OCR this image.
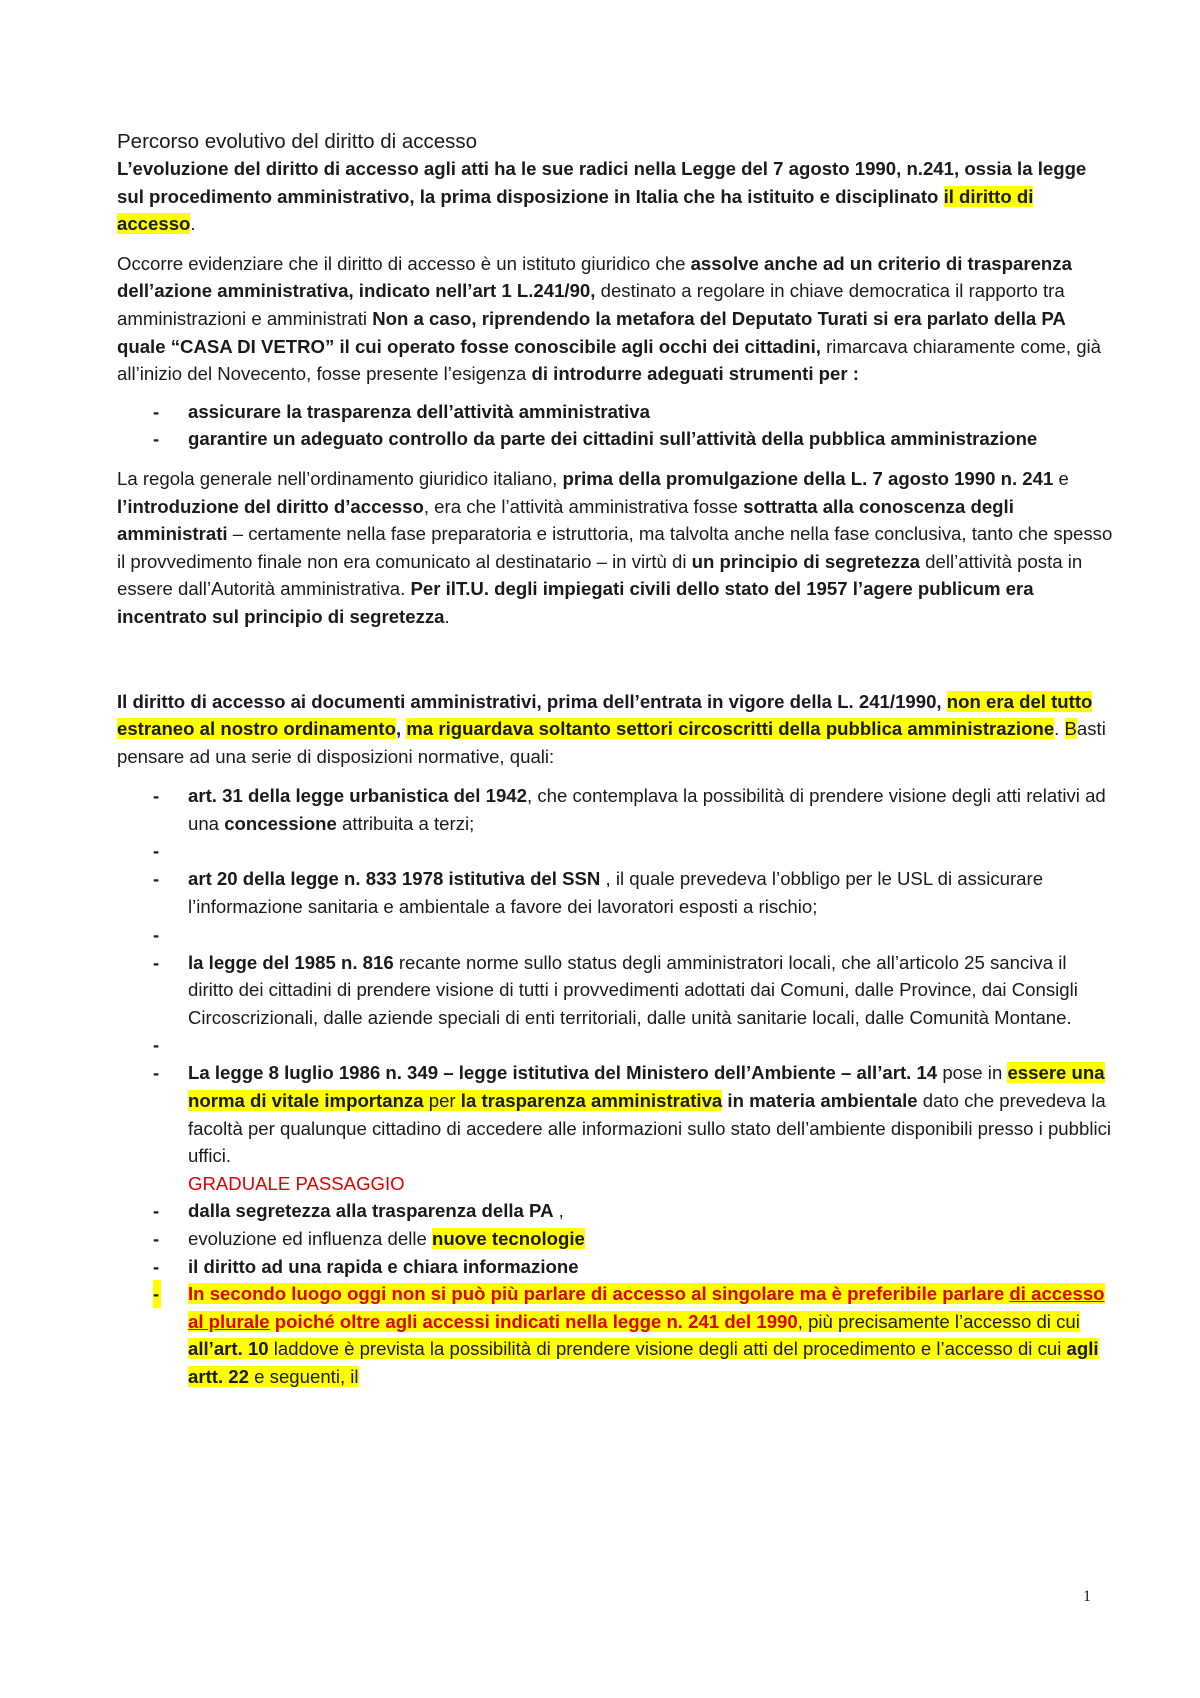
Percorso evolutivo del diritto di accesso

L’evoluzione del diritto di accesso agli atti ha le sue radici nella Legge del 7 agosto 1990, n.241, ossia la legge sul procedimento amministrativo, la prima disposizione in Italia che ha istituito e disciplinato il diritto di accesso.

Occorre evidenziare che il diritto di accesso è un istituto giuridico che assolve anche ad un criterio di trasparenza dell’azione amministrativa, indicato nell’art 1 L.241/90, destinato a regolare in chiave democratica il rapporto tra amministrazioni e amministrati Non a caso, riprendendo la metafora del Deputato Turati si era parlato della PA quale “CASA DI VETRO” il cui operato fosse conoscibile agli occhi dei cittadini, rimarcava chiaramente come, già all’inizio del Novecento, fosse presente l’esigenza di introdurre adeguati strumenti per :

- assicurare la trasparenza dell’attività amministrativa
- garantire un adeguato controllo da parte dei cittadini sull’attività della pubblica amministrazione

La regola generale nell’ordinamento giuridico italiano, prima della promulgazione della L. 7 agosto 1990 n. 241 e l’introduzione del diritto d’accesso, era che l’attività amministrativa fosse sottratta alla conoscenza degli amministrati – certamente nella fase preparatoria e istruttoria, ma talvolta anche nella fase conclusiva, tanto che spesso il provvedimento finale non era comunicato al destinatario – in virtù di un principio di segretezza dell’attività posta in essere dall’Autorità amministrativa. Per ilT.U. degli impiegati civili dello stato del 1957 l’agere publicum era incentrato sul principio di segretezza.

Il diritto di accesso ai documenti amministrativi, prima dell’entrata in vigore della L. 241/1990, non era del tutto estraneo al nostro ordinamento, ma riguardava soltanto settori circoscritti della pubblica amministrazione. Basti pensare ad una serie di disposizioni normative, quali:

- art. 31 della legge urbanistica del 1942, che contemplava la possibilità di prendere visione degli atti relativi ad una concessione attribuita a terzi;
-
- art 20 della legge n. 833 1978 istitutiva del SSN , il quale prevedeva l’obbligo per le USL di assicurare l’informazione sanitaria e ambientale a favore dei lavoratori esposti a rischio;
-
- la legge del 1985 n. 816 recante norme sullo status degli amministratori locali, che all’articolo 25 sanciva il diritto dei cittadini di prendere visione di tutti i provvedimenti adottati dai Comuni, dalle Province, dai Consigli Circoscrizionali, dalle aziende speciali di enti territoriali, dalle unità sanitarie locali, dalle Comunità Montane.
-
- La legge 8 luglio 1986 n. 349 – legge istitutiva del Ministero dell’Ambiente – all’art. 14 pose in essere una norma di vitale importanza per la trasparenza amministrativa in materia ambientale dato che prevedeva la facoltà per qualunque cittadino di accedere alle informazioni sullo stato dell’ambiente disponibili presso i pubblici uffici.
GRADUALE PASSAGGIO
- dalla segretezza alla trasparenza della PA ,
- evoluzione ed influenza delle nuove tecnologie
- il diritto ad una rapida e chiara informazione
- In secondo luogo oggi non si può più parlare di accesso al singolare ma è preferibile parlare di accesso al plurale poiché oltre agli accessi indicati nella legge n. 241 del 1990, più precisamente l’accesso di cui all’art. 10 laddove è prevista la possibilità di prendere visione degli atti del procedimento e l’accesso di cui agli artt. 22 e seguenti, il
1
